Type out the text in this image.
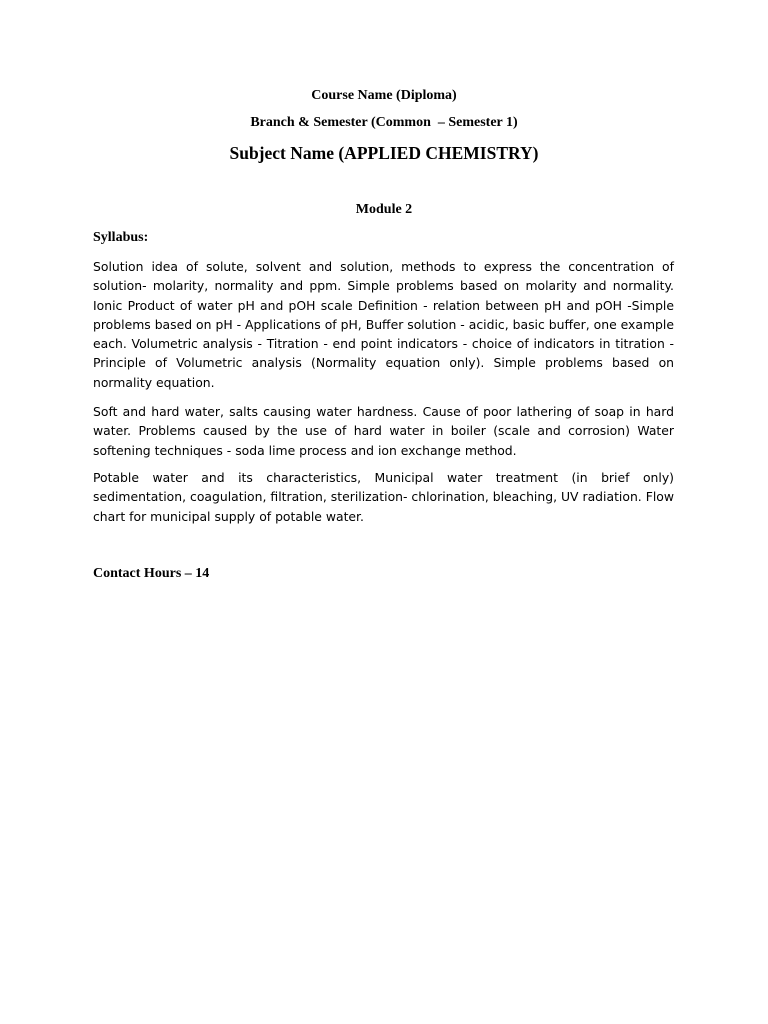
Course Name (Diploma)
Branch & Semester (Common  – Semester 1)
Subject Name (APPLIED CHEMISTRY)
Module 2
Syllabus:

Solution idea of solute, solvent and solution, methods to express the concentration of solution- molarity, normality and ppm. Simple problems based on molarity and normality. Ionic Product of water pH and pOH scale Definition - relation between pH and pOH -Simple problems based on pH - Applications of pH, Buffer solution - acidic, basic buffer, one example each. Volumetric analysis - Titration - end point indicators - choice of indicators in titration - Principle of Volumetric analysis (Normality equation only). Simple problems based on normality equation.

Soft and hard water, salts causing water hardness. Cause of poor lathering of soap in hard water. Problems caused by the use of hard water in boiler (scale and corrosion) Water softening techniques - soda lime process and ion exchange method.

Potable water and its characteristics, Municipal water treatment (in brief only) sedimentation, coagulation, filtration, sterilization- chlorination, bleaching, UV radiation. Flow chart for municipal supply of potable water.

Contact Hours – 14
